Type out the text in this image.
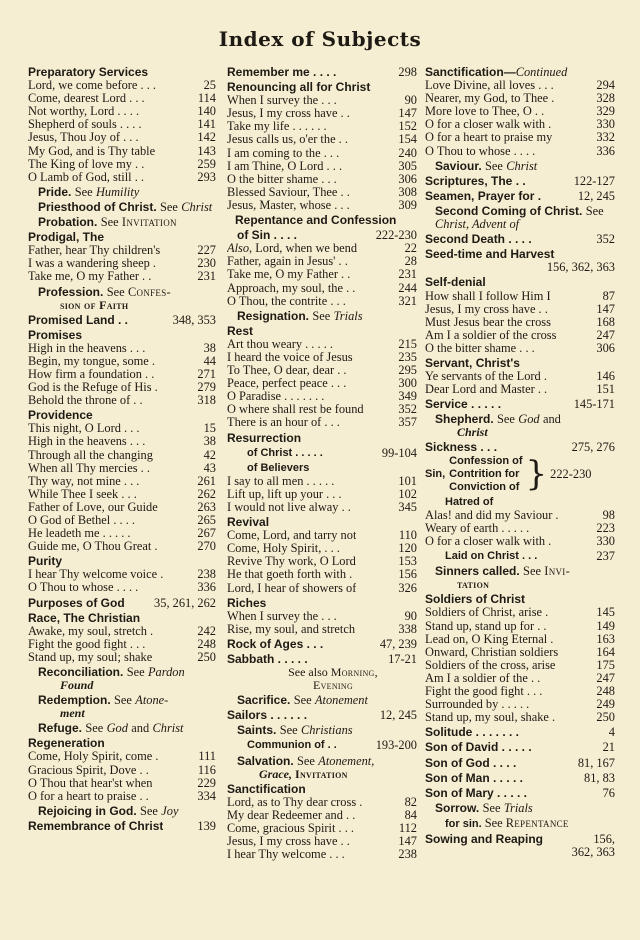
Index of Subjects
Preparatory Services
Lord, we come before . . .	25
Come, dearest Lord . . .	114
Not worthy, Lord . . . .	140
Shepherd of souls . . . .	141
Jesus, Thou Joy of . . .	142
My God, and is Thy table	143
The King of love my . .	259
O Lamb of God, still . .	293
Pride. See Humility
Priesthood of Christ. See Christ
Probation. See Invitation
Prodigal, The
Father, hear Thy children's	227
I was a wandering sheep .	230
Take me, O my Father . .	231
Profession. See Confes-
sion of Faith
Promised Land . .	348, 353
Promises
High in the heavens . . .	38
Begin, my tongue, some .	44
How firm a foundation . .	271
God is the Refuge of His .	279
Behold the throne of . .	318
Providence
This night, O Lord . . .	15
High in the heavens . . .	38
Through all the changing	42
When all Thy mercies . .	43
Thy way, not mine . . .	261
While Thee I seek . . .	262
Father of Love, our Guide	263
O God of Bethel . . . .	265
He leadeth me . . . . .	267
Guide me, O Thou Great .	270
Purity
I hear Thy welcome voice .	238
O Thou to whose . . . .	336
Purposes of God 35, 261, 262
Race, The Christian
Awake, my soul, stretch .	242
Fight the good fight . . .	248
Stand up, my soul; shake	250
Reconciliation. See Pardon
Found
Redemption. See Atone-
ment
Refuge. See God and Christ
Regeneration
Come, Holy Spirit, come .	111
Gracious Spirit, Dove . .	116
O Thou that hear'st when	229
O for a heart to praise . .	334
Rejoicing in God. See Joy
Remembrance of Christ	139
Remember me . . . .	298
Renouncing all for Christ
When I survey the . . .	90
Jesus, I my cross have . .	147
Take my life . . . . . .	152
Jesus calls us, o'er the . .	154
I am coming to the . . .	240
I am Thine, O Lord . . .	305
O the bitter shame . . .	306
Blessed Saviour, Thee . .	308
Jesus, Master, whose . . .	309
Repentance and Confession
of Sin . . . .	222-230
Also, Lord, when we bend	22
Father, again in Jesus' . .	28
Take me, O my Father . .	231
Approach, my soul, the . .	244
O Thou, the contrite . . .	321
Resignation. See Trials
Rest
Art thou weary . . . . .	215
I heard the voice of Jesus	235
To Thee, O dear, dear . .	295
Peace, perfect peace . . .	300
O Paradise . . . . . . .	349
O where shall rest be found	352
There is an hour of . . .	357
Resurrection
of Christ . . . . .	99-104
of Believers
I say to all men . . . . .	101
Lift up, lift up your . . .	102
I would not live alway . .	345
Revival
Come, Lord, and tarry not	110
Come, Holy Spirit, . . .	120
Revive Thy work, O Lord	153
He that goeth forth with .	156
Lord, I hear of showers of	326
Riches
When I survey the . . .	90
Rise, my soul, and stretch	338
Rock of Ages . . .	47, 239
Sabbath . . . . .	17-21
See also Morning,
Evening
Sacrifice. See Atonement
Sailors . . . . . .	12, 245
Saints. See Christians
Communion of . .	193-200
Salvation. See Atonement,
Grace, Invitation
Sanctification
Lord, as to Thy dear cross .	82
My dear Redeemer and . .	84
Come, gracious Spirit . . .	112
Jesus, I my cross have . .	147
I hear Thy welcome . . .	238
Sanctification—Continued
Love Divine, all loves . . .	294
Nearer, my God, to Thee .	328
More love to Thee, O . .	329
O for a closer walk with .	330
O for a heart to praise my	332
O Thou to whose . . . .	336
Saviour. See Christ
Scriptures, The . .	122-127
Seamen, Prayer for .	12, 245
Second Coming of Christ. See Christ, Advent of
Second Death . . . .	352
Seed-time and Harvest
156, 362, 363
Self-denial
How shall I follow Him I	87
Jesus, I my cross have . .	147
Must Jesus bear the cross	168
Am I a soldier of the cross	247
O the bitter shame . . .	306
Servant, Christ's
Ye servants of the Lord .	146
Dear Lord and Master . .	151
Service . . . . .	145-171
Shepherd. See God and
Christ
Sickness . . .	275, 276
Sin,
Confession of
Contrition for
Conviction of } 222-230
Hatred of
Alas! and did my Saviour .	98
Weary of earth . . . . .	223
O for a closer walk with .	330
Laid on Christ . . .	237
Sinners called. See Invi-
tation
Soldiers of Christ
Soldiers of Christ, arise .	145
Stand up, stand up for . .	149
Lead on, O King Eternal .	163
Onward, Christian soldiers	164
Soldiers of the cross, arise	175
Am I a soldier of the . .	247
Fight the good fight . . .	248
Surrounded by . . . . .	249
Stand up, my soul, shake .	250
Solitude . . . . . . .	4
Son of David . . . . .	21
Son of God . . . .	81, 167
Son of Man . . . . .	81, 83
Son of Mary . . . . .	76
Sorrow. See Trials
for sin. See Repentance
Sowing and Reaping	156,
362, 363
